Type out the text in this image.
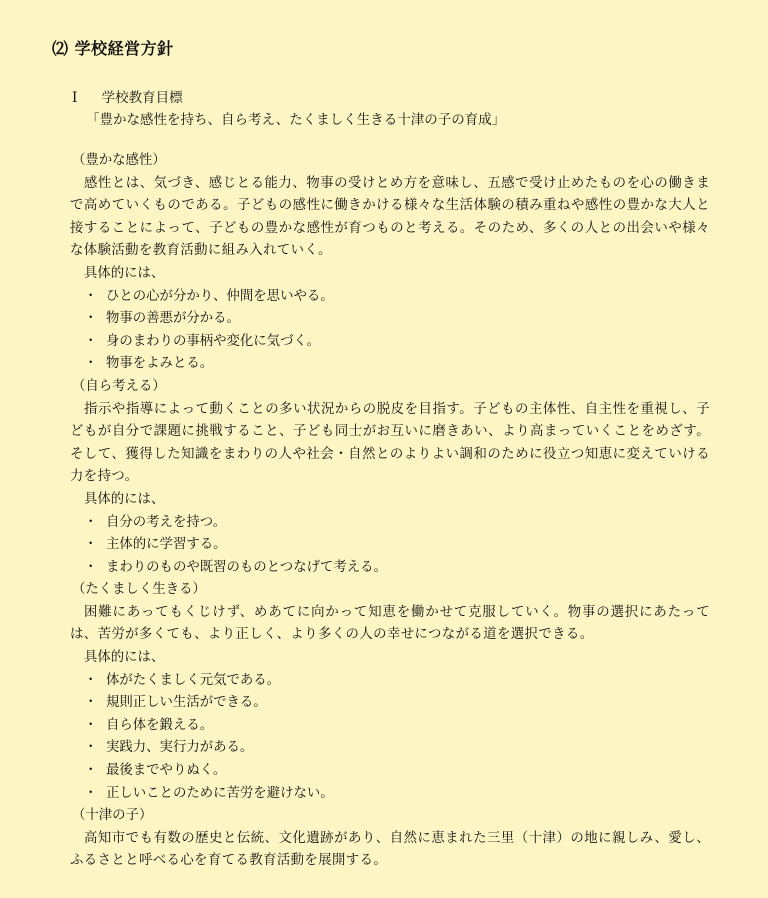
⑵ 学校経営方針
Ⅰ 学校教育目標
「豊かな感性を持ち、自ら考え、たくましく生きる十津の子の育成」
（豊かな感性）
感性とは、気づき、感じとる能力、物事の受けとめ方を意味し、五感で受け止めたものを心の働きまで高めていくものである。子どもの感性に働きかける様々な生活体験の積み重ねや感性の豊かな大人と接することによって、子どもの豊かな感性が育つものと考える。そのため、多くの人との出会いや様々な体験活動を教育活動に組み入れていく。
具体的には、
・ ひとの心が分かり、仲間を思いやる。
・ 物事の善悪が分かる。
・ 身のまわりの事柄や変化に気づく。
・ 物事をよみとる。
（自ら考える）
指示や指導によって動くことの多い状況からの脱皮を目指す。子どもの主体性、自主性を重視し、子どもが自分で課題に挑戦すること、子ども同士がお互いに磨きあい、より高まっていくことをめざす。そして、獲得した知識をまわりの人や社会・自然とのよりよい調和のために役立つ知恵に変えていける力を持つ。
具体的には、
・ 自分の考えを持つ。
・ 主体的に学習する。
・ まわりのものや既習のものとつなげて考える。
（たくましく生きる）
困難にあってもくじけず、めあてに向かって知恵を働かせて克服していく。物事の選択にあたっては、苦労が多くても、より正しく、より多くの人の幸せにつながる道を選択できる。
具体的には、
・ 体がたくましく元気である。
・ 規則正しい生活ができる。
・ 自ら体を鍛える。
・ 実践力、実行力がある。
・ 最後までやりぬく。
・ 正しいことのために苦労を避けない。
（十津の子）
高知市でも有数の歴史と伝統、文化遺跡があり、自然に恵まれた三里（十津）の地に親しみ、愛し、ふるさとと呼べる心を育てる教育活動を展開する。
